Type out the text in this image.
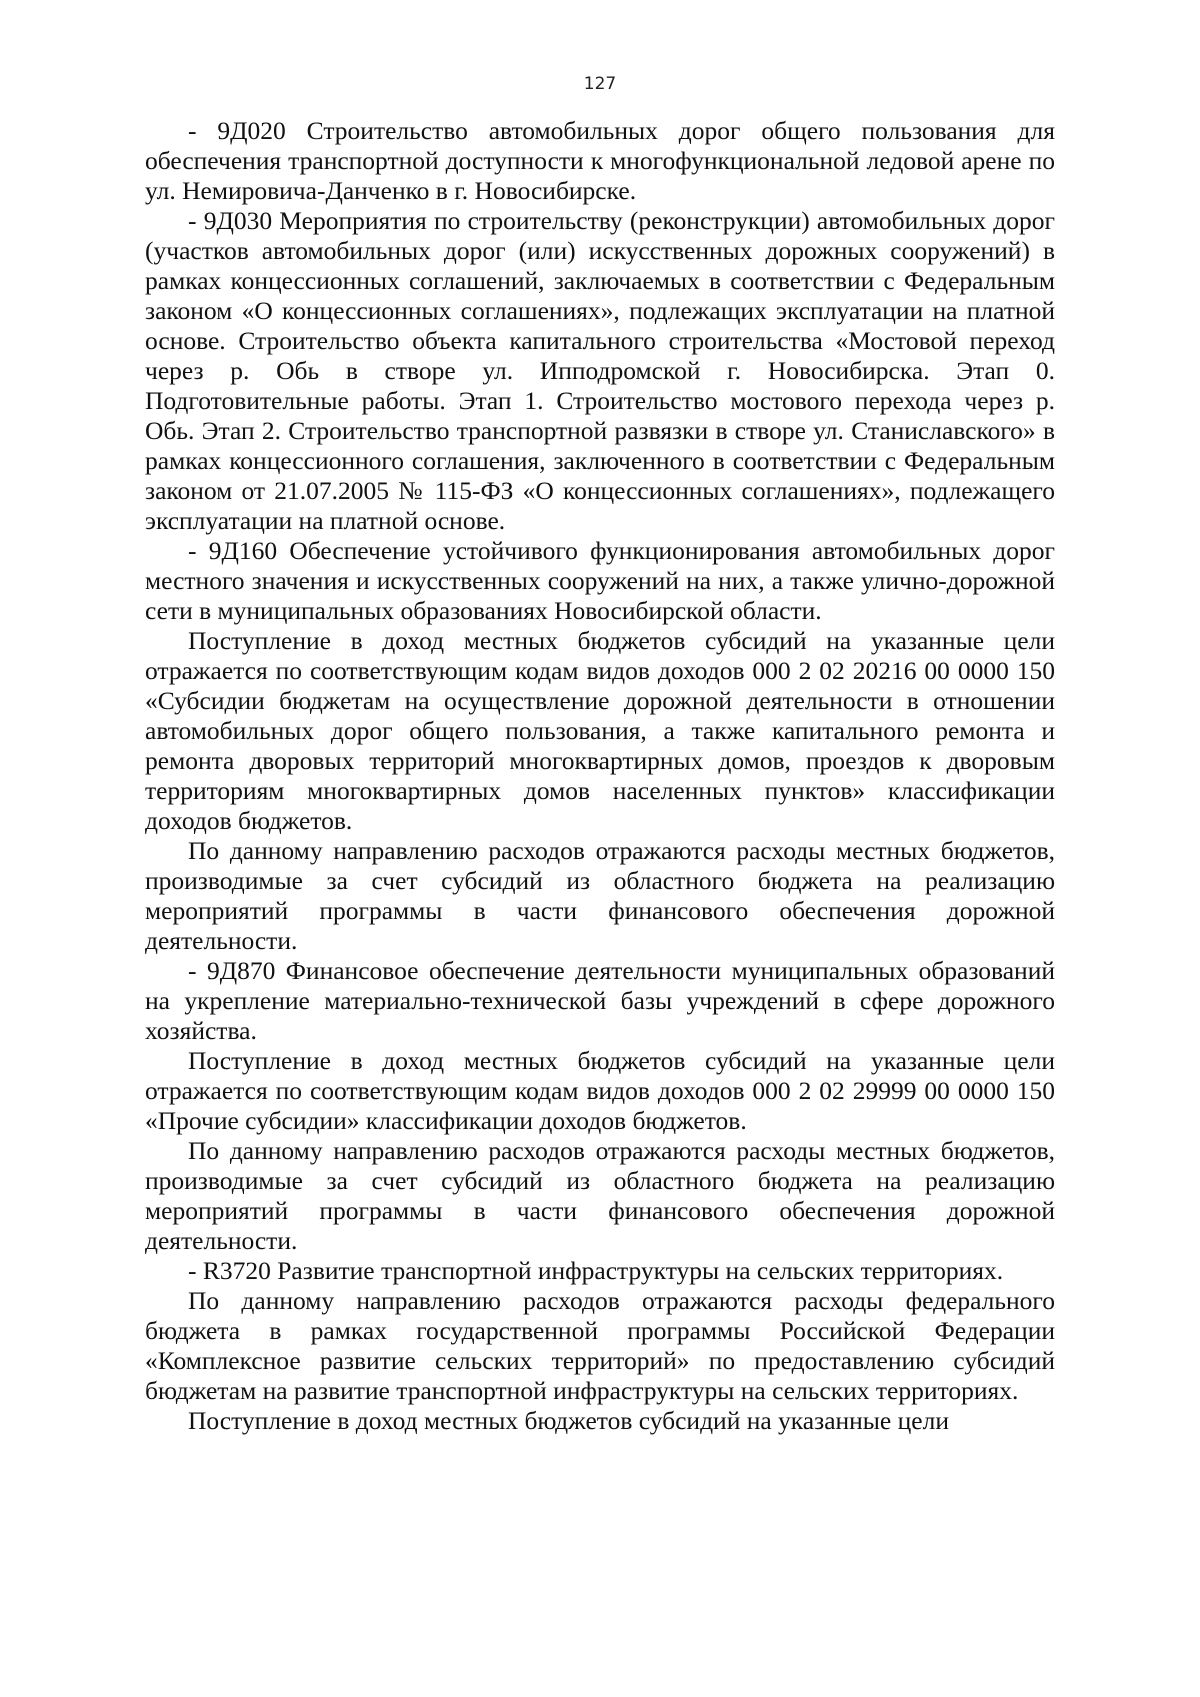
127

- 9Д020 Строительство автомобильных дорог общего пользования для обеспечения транспортной доступности к многофункциональной ледовой арене по ул. Немировича-Данченко в г. Новосибирске.

- 9Д030 Мероприятия по строительству (реконструкции) автомобильных дорог (участков автомобильных дорог (или) искусственных дорожных сооружений) в рамках концессионных соглашений, заключаемых в соответствии с Федеральным законом «О концессионных соглашениях», подлежащих эксплуатации на платной основе. Строительство объекта капитального строительства «Мостовой переход через р. Обь в створе ул. Ипподромской г. Новосибирска. Этап 0. Подготовительные работы. Этап 1. Строительство мостового перехода через р. Обь. Этап 2. Строительство транспортной развязки в створе ул. Станиславского» в рамках концессионного соглашения, заключенного в соответствии с Федеральным законом от 21.07.2005 № 115-ФЗ «О концессионных соглашениях», подлежащего эксплуатации на платной основе.

- 9Д160 Обеспечение устойчивого функционирования автомобильных дорог местного значения и искусственных сооружений на них, а также улично-дорожной сети в муниципальных образованиях Новосибирской области.

Поступление в доход местных бюджетов субсидий на указанные цели отражается по соответствующим кодам видов доходов 000 2 02 20216 00 0000 150 «Субсидии бюджетам на осуществление дорожной деятельности в отношении автомобильных дорог общего пользования, а также капитального ремонта и ремонта дворовых территорий многоквартирных домов, проездов к дворовым территориям многоквартирных домов населенных пунктов» классификации доходов бюджетов.

По данному направлению расходов отражаются расходы местных бюджетов, производимые за счет субсидий из областного бюджета на реализацию мероприятий программы в части финансового обеспечения дорожной деятельности.

- 9Д870 Финансовое обеспечение деятельности муниципальных образований на укрепление материально-технической базы учреждений в сфере дорожного хозяйства.

Поступление в доход местных бюджетов субсидий на указанные цели отражается по соответствующим кодам видов доходов 000 2 02 29999 00 0000 150 «Прочие субсидии» классификации доходов бюджетов.

По данному направлению расходов отражаются расходы местных бюджетов, производимые за счет субсидий из областного бюджета на реализацию мероприятий программы в части финансового обеспечения дорожной деятельности.

- R3720 Развитие транспортной инфраструктуры на сельских территориях.

По данному направлению расходов отражаются расходы федерального бюджета в рамках государственной программы Российской Федерации «Комплексное развитие сельских территорий» по предоставлению субсидий бюджетам на развитие транспортной инфраструктуры на сельских территориях.

Поступление в доход местных бюджетов субсидий на указанные цели
